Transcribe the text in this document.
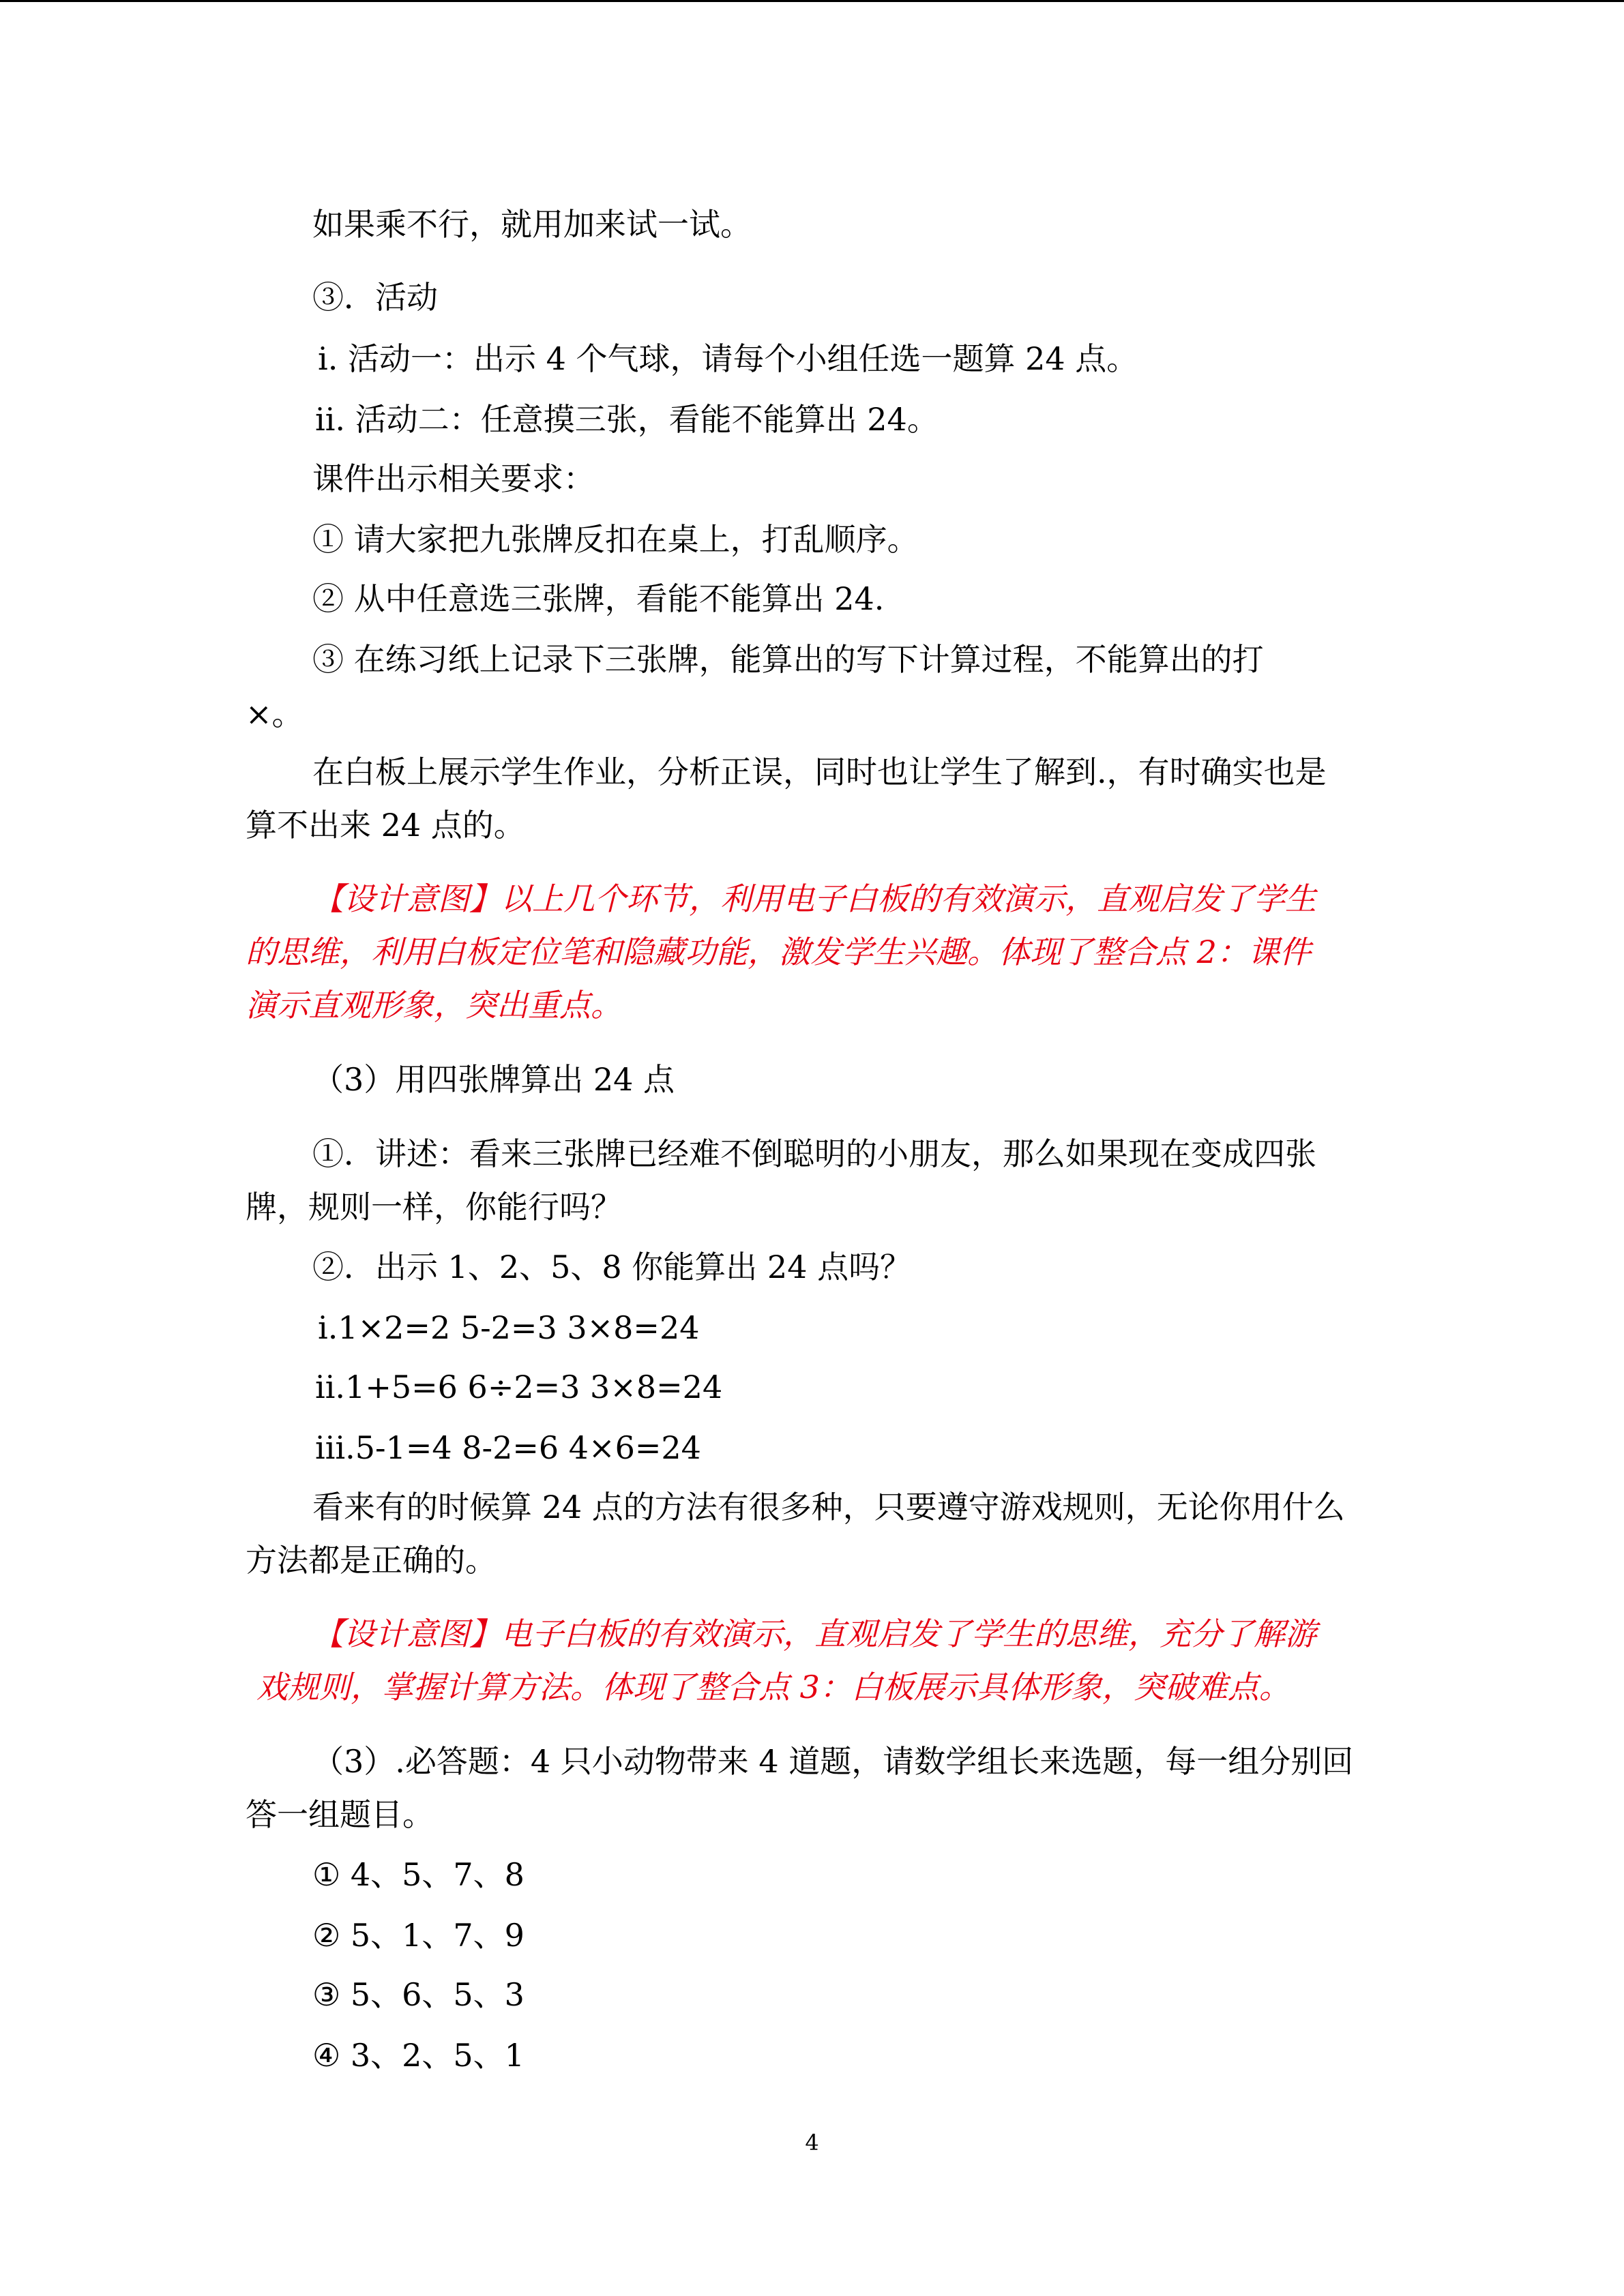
如果乘不行，就用加来试一试。

③．活动

ⅰ. 活动一：出示 4 个气球，请每个小组任选一题算 24 点。

ⅱ. 活动二：任意摸三张，看能不能算出 24。

课件出示相关要求：

① 请大家把九张牌反扣在桌上，打乱顺序。

② 从中任意选三张牌，看能不能算出 24.

③ 在练习纸上记录下三张牌，能算出的写下计算过程，不能算出的打

×。

在白板上展示学生作业，分析正误，同时也让学生了解到.，有时确实也是

算不出来 24 点的。

【设计意图】以上几个环节，利用电子白板的有效演示，直观启发了学生

的思维，利用白板定位笔和隐藏功能，激发学生兴趣。体现了整合点 2：课件

演示直观形象，突出重点。

（3）用四张牌算出 24 点

①．讲述：看来三张牌已经难不倒聪明的小朋友，那么如果现在变成四张

牌，规则一样，你能行吗？

②．出示 1、2、5、8 你能算出 24 点吗？

ⅰ.1×2=2 5-2=3 3×8=24

ⅱ.1+5=6 6÷2=3 3×8=24

ⅲ.5-1=4 8-2=6 4×6=24

看来有的时候算 24 点的方法有很多种，只要遵守游戏规则，无论你用什么

方法都是正确的。

【设计意图】电子白板的有效演示，直观启发了学生的思维，充分了解游

戏规则，掌握计算方法。体现了整合点 3：白板展示具体形象，突破难点。

（3）.必答题：4 只小动物带来 4 道题，请数学组长来选题，每一组分别回

答一组题目。

① 4、5、7、8

② 5、1、7、9

③ 5、6、5、3

④ 3、2、5、1

4
